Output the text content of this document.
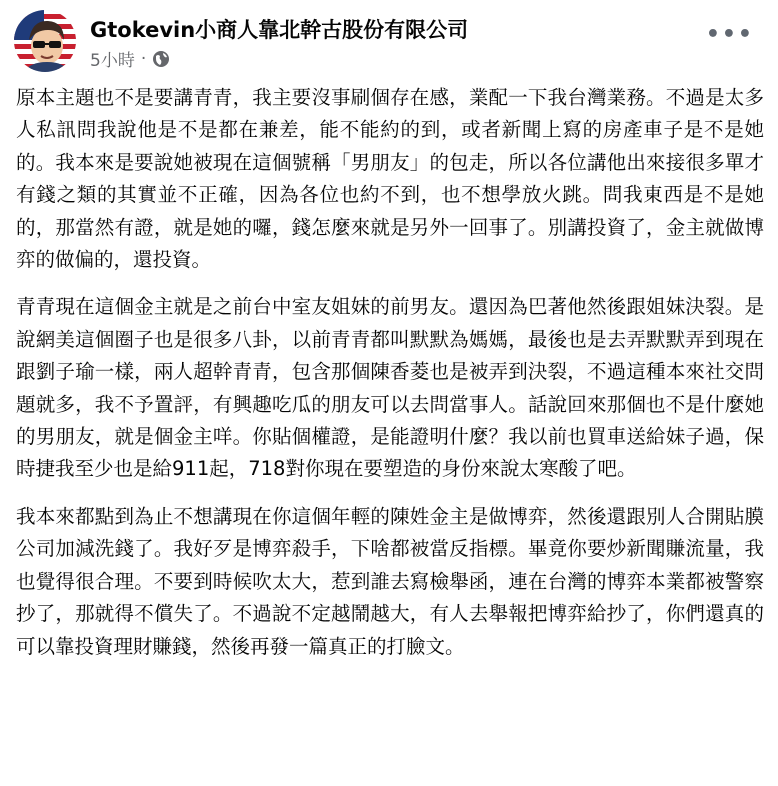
Gtokevin小商人靠北幹古股份有限公司
5小時 ·
•••

原本主題也不是要講青青，我主要沒事刷個存在感，業配一下我台灣業務。不過是太多人私訊問我說他是不是都在兼差，能不能約的到，或者新聞上寫的房產車子是不是她的。我本來是要說她被現在這個號稱「男朋友」的包走，所以各位講他出來接很多單才有錢之類的其實並不正確，因為各位也約不到，也不想學放火跳。問我東西是不是她的，那當然有證，就是她的囉，錢怎麼來就是另外一回事了。別講投資了，金主就做博弈的做偏的，還投資。

青青現在這個金主就是之前台中室友姐妹的前男友。還因為巴著他然後跟姐妹決裂。是說網美這個圈子也是很多八卦，以前青青都叫默默為媽媽，最後也是去弄默默弄到現在跟劉子瑜一樣，兩人超幹青青，包含那個陳香菱也是被弄到決裂，不過這種本來社交問題就多，我不予置評，有興趣吃瓜的朋友可以去問當事人。話說回來那個也不是什麼她的男朋友，就是個金主咩。你貼個權證，是能證明什麼？我以前也買車送給妹子過，保時捷我至少也是給911起，718對你現在要塑造的身份來說太寒酸了吧。

我本來都點到為止不想講現在你這個年輕的陳姓金主是做博弈，然後還跟別人合開貼膜公司加減洗錢了。我好歹是博弈殺手，下啥都被當反指標。畢竟你要炒新聞賺流量，我也覺得很合理。不要到時候吹太大，惹到誰去寫檢舉函，連在台灣的博弈本業都被警察抄了，那就得不償失了。不過說不定越鬧越大，有人去舉報把博弈給抄了，你們還真的可以靠投資理財賺錢，然後再發一篇真正的打臉文。
